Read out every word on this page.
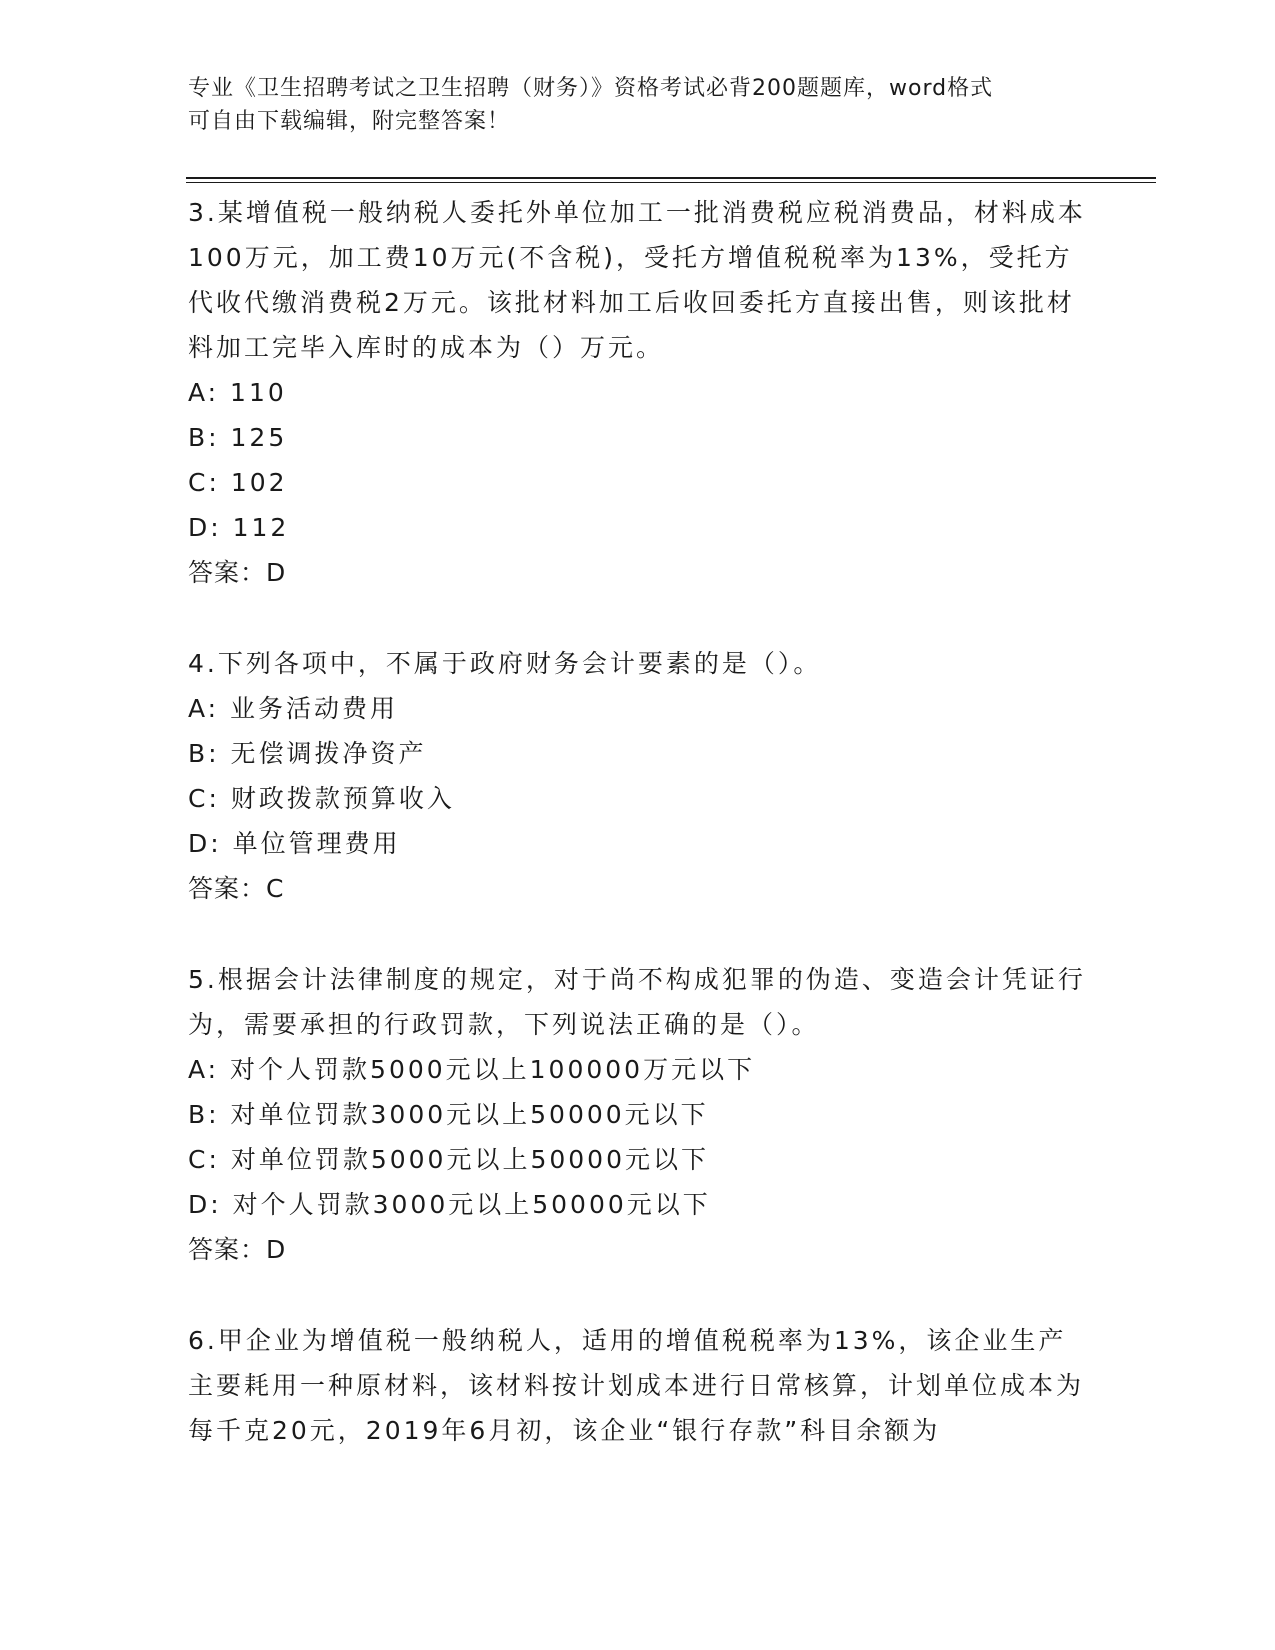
专业《卫生招聘考试之卫生招聘（财务）》资格考试必背200题题库，word格式
可自由下载编辑，附完整答案！

3.某增值税一般纳税人委托外单位加工一批消费税应税消费品，材料成本100万元，加工费10万元(不含税)，受托方增值税税率为13%，受托方代收代缴消费税2万元。该批材料加工后收回委托方直接出售，则该批材料加工完毕入库时的成本为（）万元。

A: 110

B: 125

C: 102

D: 112

答案：D

4.下列各项中，不属于政府财务会计要素的是（）。

A: 业务活动费用

B: 无偿调拨净资产

C: 财政拨款预算收入

D: 单位管理费用

答案：C

5.根据会计法律制度的规定，对于尚不构成犯罪的伪造、变造会计凭证行为，需要承担的行政罚款，下列说法正确的是（）。

A: 对个人罚款5000元以上100000万元以下

B: 对单位罚款3000元以上50000元以下

C: 对单位罚款5000元以上50000元以下

D: 对个人罚款3000元以上50000元以下

答案：D

6.甲企业为增值税一般纳税人，适用的增值税税率为13%，该企业生产主要耗用一种原材料，该材料按计划成本进行日常核算，计划单位成本为每千克20元，2019年6月初，该企业“银行存款”科目余额为
